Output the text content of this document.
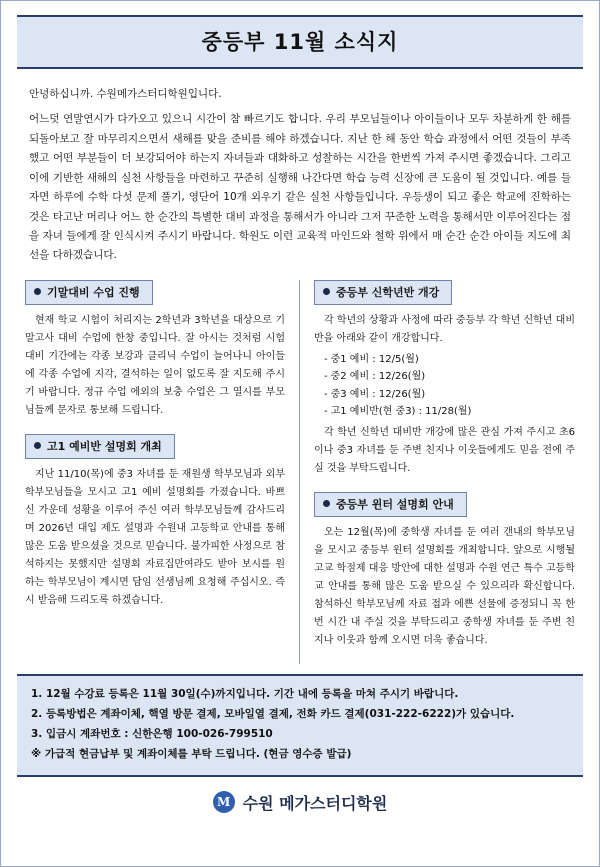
중등부 11월 소식지

안녕하십니까. 수원메가스터디학원입니다.

어느덧 연말연시가 다가오고 있으니 시간이 참 빠르기도 합니다. 우리 부모님들이나 아이들이나 모두 차분하게 한 해를 되돌아보고 잘 마무리지으면서 새해를 맞을 준비를 해야 하겠습니다. 지난 한 해 동안 학습 과정에서 어떤 것들이 부족했고 어떤 부분들이 더 보강되어야 하는지 자녀들과 대화하고 성찰하는 시간을 한번씩 가져 주시면 좋겠습니다. 그리고 이에 기반한 새해의 실천 사항들을 마련하고 꾸준히 실행해 나간다면 학습 능력 신장에 큰 도움이 될 것입니다. 예를 들자면 하루에 수학 다섯 문제 풀기, 영단어 10개 외우기 같은 실천 사항들입니다. 우등생이 되고 좋은 학교에 진학하는 것은 타고난 머리나 어느 한 순간의 특별한 대비 과정을 통해서가 아니라 그저 꾸준한 노력을 통해서만 이루어진다는 점을 자녀 들에게 잘 인식시켜 주시기 바랍니다. 학원도 이런 교육적 마인드와 철학 위에서 매 순간 순간 아이들 지도에 최선을 다하겠습니다.

기말대비 수업 진행

현재 학교 시험이 처리지는 2학년과 3학년을 대상으로 기말고사 대비 수업에 한창 중입니다. 잘 아시는 것처럼 시험 대비 기간에는 각종 보강과 클리닉 수업이 늘어나니 아이들에 각종 수업에 지각, 결석하는 일이 없도록 잘 지도해 주시기 바랍니다. 정규 수업 에외의 보충 수업은 그 열시를 부모님들께 문자로 통보해 드립니다.

고1 예비반 설명회 개최

지난 11/10(목)에 중3 자녀를 둔 재원생 학부모님과 외부 학부모님들을 모시고 고1 예비 설명회를 가졌습니다. 바쁘신 가운데 성황을 이루어 주신 여러 학부모님들께 감사드리며 2026년 대입 제도 설명과 수원내 고등학교 안내를 통해 많은 도움 받으셨을 것으로 믿습니다. 불가피한 사정으로 참석하지는 못했지만 설명회 자료집만여라도 받아 보시를 원하는 학부모님이 계시면 담임 선생님께 요청해 주십시오. 즉시 받음해 드리도록 하겠습니다.

중등부 신학년반 개강

각 학년의 상황과 사정에 따라 중등부 각 학년 신학년 대비반을 아래와 같이 개강합니다.

- 중1 예비 : 12/5(월)
- 중2 예비 : 12/26(월)
- 중3 예비 : 12/26(월)
- 고1 예비반(현 중3) : 11/28(월)

각 학년 신학년 대비반 개강에 많은 관심 가져 주시고 초6이나 중3 자녀를 둔 주변 친지나 이웃들에게도 믿음 전에 주실 것을 부탁드립니다.

중등부 윈터 설명회 안내

오는 12월(목)에 중학생 자녀를 둔 여러 갠내의 학부모님을 모시고 중등부 윈터 설명회를 개최합니다. 앞으로 시행될 고교 학점제 대응 방안에 대한 설명과 수원 연근 특수 고등학교 안내를 통해 많은 도움 받으실 수 있으리라 확신합니다. 참석하신 학부모님께 자료 접과 에쁜 선물에 증정되니 꼭 한번 시간 내 주실 것을 부탁드리고 중학생 자녀를 둔 주변 친지나 이웃과 함께 오시면 더욱 좋습니다.

1. 12월 수강료 등록은 11월 30일(수)까지입니다. 기간 내에 등록을 마쳐 주시기 바랍니다.
2. 등록방법은 계좌이체, 핵열 방문 결제, 모바일열 결제, 전화 카드 결제(031-222-6222)가 있습니다.
3. 입금시 계좌번호 : 신한은행 100-026-799510
※ 가급적 현금납부 및 계좌이체를 부탁 드립니다. (현금 영수증 발급)
M 수원 메가스터디학원
